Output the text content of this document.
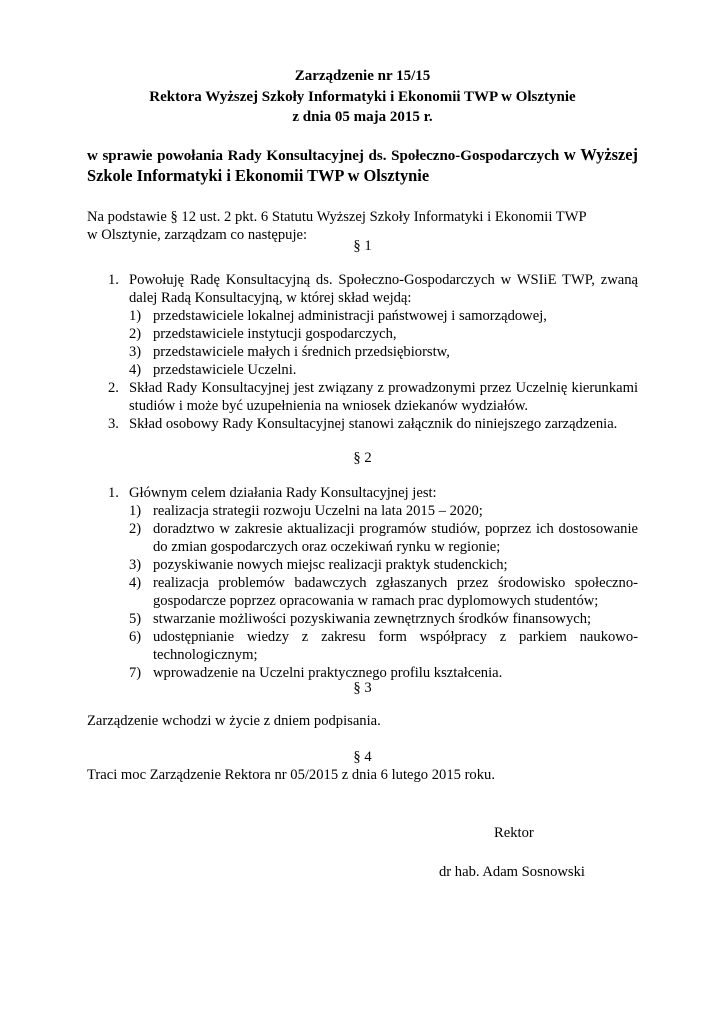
Zarządzenie nr 15/15
Rektora Wyższej Szkoły Informatyki i Ekonomii TWP w Olsztynie
z dnia 05 maja 2015 r.
w sprawie powołania Rady Konsultacyjnej ds. Społeczno-Gospodarczych w Wyższej Szkole Informatyki i Ekonomii TWP w Olsztynie
Na podstawie § 12 ust. 2 pkt. 6 Statutu Wyższej Szkoły Informatyki i Ekonomii TWP
w Olsztynie, zarządzam co następuje:
§ 1
1. Powołuję Radę Konsultacyjną ds. Społeczno-Gospodarczych w WSIiE TWP, zwaną dalej Radą Konsultacyjną, w której skład wejdą:
1) przedstawiciele lokalnej administracji państwowej i samorządowej,
2) przedstawiciele instytucji gospodarczych,
3) przedstawiciele małych i średnich przedsiębiorstw,
4) przedstawiciele Uczelni.
2. Skład Rady Konsultacyjnej jest związany z prowadzonymi przez Uczelnię kierunkami studiów i może być uzupełnienia na wniosek dziekanów wydziałów.
3. Skład osobowy Rady Konsultacyjnej stanowi załącznik do niniejszego zarządzenia.
§ 2
1. Głównym celem działania Rady Konsultacyjnej jest:
1) realizacja strategii rozwoju Uczelni na lata 2015 – 2020;
2) doradztwo w zakresie aktualizacji programów studiów, poprzez ich dostosowanie do zmian gospodarczych oraz oczekiwań rynku w regionie;
3) pozyskiwanie nowych miejsc realizacji praktyk studenckich;
4) realizacja problemów badawczych zgłaszanych przez środowisko społeczno-gospodarcze poprzez opracowania w ramach prac dyplomowych studentów;
5) stwarzanie możliwości pozyskiwania zewnętrznych środków finansowych;
6) udostępnianie wiedzy z zakresu form współpracy z parkiem naukowo-technologicznym;
7) wprowadzenie na Uczelni praktycznego profilu kształcenia.
§ 3
Zarządzenie wchodzi w życie z dniem podpisania.
§ 4
Traci moc Zarządzenie Rektora nr 05/2015 z dnia 6 lutego 2015 roku.
Rektor
dr hab. Adam Sosnowski
